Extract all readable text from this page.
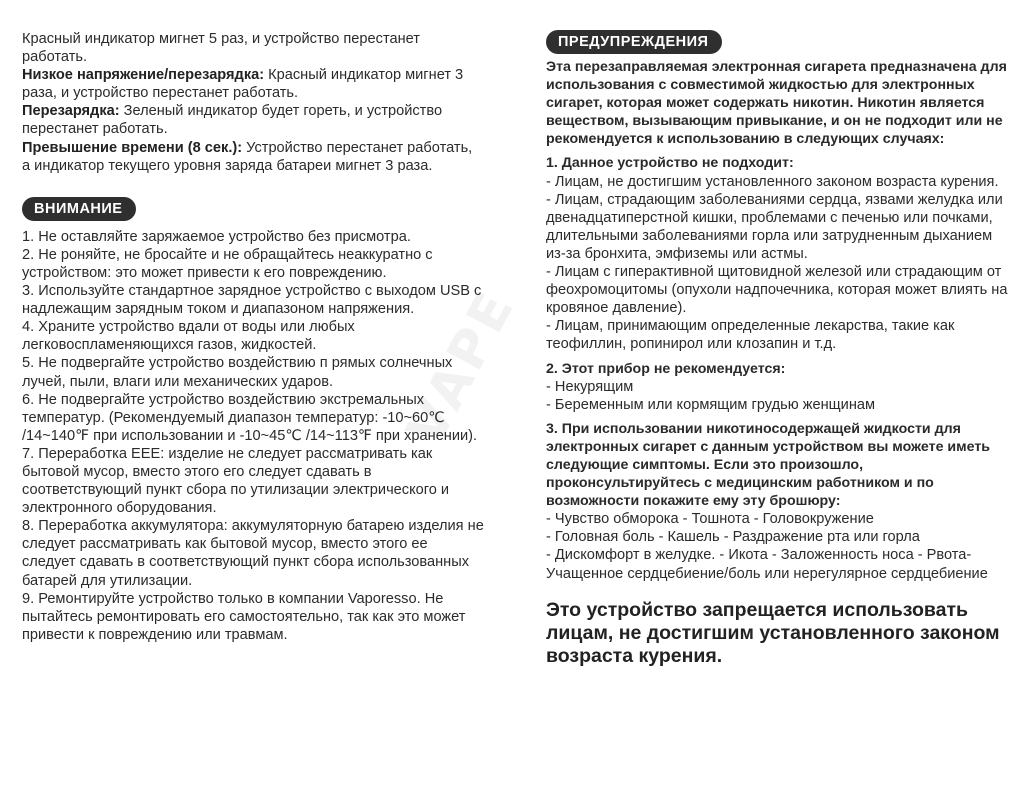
VAPE

Красный индикатор мигнет 5 раз, и устройство перестанет работать.

Низкое напряжение/перезарядка: Красный индикатор мигнет 3 раза, и устройство перестанет работать.

Перезарядка: Зеленый индикатор будет гореть, и устройство перестанет работать.

Превышение времени (8 сек.): Устройство перестанет работать, а индикатор текущего уровня заряда батареи мигнет 3 раза.

ВНИМАНИЕ

1. Не оставляйте заряжаемое устройство без присмотра.

2. Не роняйте, не бросайте и не обращайтесь неаккуратно с устройством: это может привести к его повреждению.

3. Используйте стандартное зарядное устройство с выходом USB с надлежащим зарядным током и диапазоном напряжения.

4. Храните устройство вдали от воды или любых легковоспламеняющихся газов, жидкостей.

5. Не подвергайте устройство воздействию п рямых солнечных лучей, пыли, влаги или механических ударов.

6. Не подвергайте устройство воздействию экстремальных температур. (Рекомендуемый диапазон температур: -10~60℃ /14~140℉ при использовании и -10~45℃ /14~113℉ при хранении).

7. Переработка EEE: изделие не следует рассматривать как бытовой мусор, вместо этого его следует сдавать в соответствующий пункт сбора по утилизации электрического и электронного оборудования.

8. Переработка аккумулятора: аккумуляторную батарею изделия не следует рассматривать как бытовой мусор, вместо этого ее следует сдавать в соответствующий пункт сбора использованных батарей для утилизации.

9. Ремонтируйте устройство только в компании Vaporesso. Не пытайтесь ремонтировать его самостоятельно, так как это может привести к повреждению или травмам.

ПРЕДУПРЕЖДЕНИЯ

Эта перезаправляемая электронная сигарета предназначена для использования с совместимой жидкостью для электронных сигарет, которая может содержать никотин. Никотин является веществом, вызывающим привыкание, и он не подходит или не рекомендуется к использованию в следующих случаях:

1. Данное устройство не подходит:

- Лицам, не достигшим установленного законом возраста курения.

- Лицам, страдающим заболеваниями сердца, язвами желудка или двенадцатиперстной кишки, проблемами с печенью или почками, длительными заболеваниями горла или затрудненным дыханием из-за бронхита, эмфиземы или астмы.

- Лицам с гиперактивной щитовидной железой или страдающим от феохромоцитомы (опухоли надпочечника, которая может влиять на кровяное давление).

- Лицам, принимающим определенные лекарства, такие как теофиллин, ропинирол или клозапин и т.д.

2. Этот прибор не рекомендуется:

- Некурящим

- Беременным или кормящим грудью женщинам

3. При использовании никотиносодержащей жидкости для электронных сигарет с данным устройством вы можете иметь следующие симптомы. Если это произошло, проконсультируйтесь с медицинским работником и по возможности покажите ему эту брошюру:

- Чувство обморока - Тошнота - Головокружение

- Головная боль - Кашель - Раздражение рта или горла

- Дискомфорт в желудке. - Икота - Заложенность носа - Рвота- Учащенное сердцебиение/боль или нерегулярное сердцебиение

Это устройство запрещается использовать лицам, не достигшим установленного законом возраста курения.
